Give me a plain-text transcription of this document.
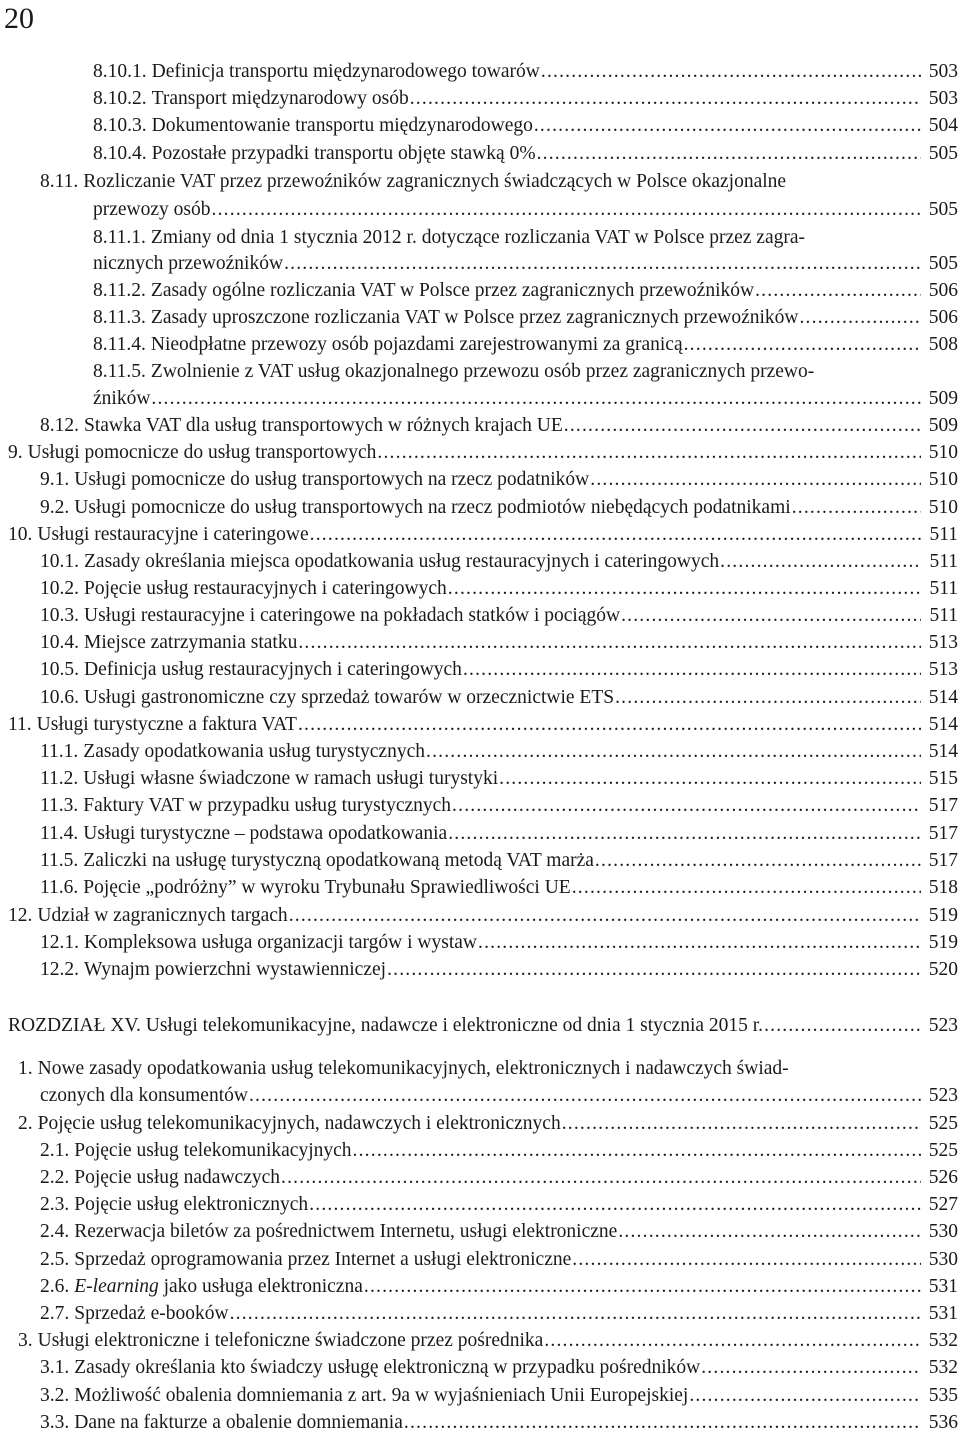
20
8.10.1. Definicja transportu międzynarodowego towarów .....	503
8.10.2. Transport międzynarodowy osób .....	503
8.10.3. Dokumentowanie transportu międzynarodowego .....	504
8.10.4. Pozostałe przypadki transportu objęte stawką 0% .....	505
8.11. Rozliczanie VAT przez przewoźników zagranicznych świadczących w Polsce okazjonalne
przewozy osób .....	505
8.11.1. Zmiany od dnia 1 stycznia 2012 r. dotyczące rozliczania VAT w Polsce przez zagra-
nicznych przewoźników .....	505
8.11.2. Zasady ogólne rozliczania VAT w Polsce przez zagranicznych przewoźników .....	506
8.11.3. Zasady uproszczone rozliczania VAT w Polsce przez zagranicznych przewoźników .....	506
8.11.4. Nieodpłatne przewozy osób pojazdami zarejestrowanymi za granicą .....	508
8.11.5. Zwolnienie z VAT usług okazjonalnego przewozu osób przez zagranicznych przewo-
źników .....	509
8.12. Stawka VAT dla usług transportowych w różnych krajach UE .....	509
9. Usługi pomocnicze do usług transportowych .....	510
9.1. Usługi pomocnicze do usług transportowych na rzecz podatników .....	510
9.2. Usługi pomocnicze do usług transportowych na rzecz podmiotów niebędących podatnikami .....	510
10. Usługi restauracyjne i cateringowe .....	511
10.1. Zasady określania miejsca opodatkowania usług restauracyjnych i cateringowych .....	511
10.2. Pojęcie usług restauracyjnych i cateringowych .....	511
10.3. Usługi restauracyjne i cateringowe na pokładach statków i pociągów .....	511
10.4. Miejsce zatrzymania statku .....	513
10.5. Definicja usług restauracyjnych i cateringowych .....	513
10.6. Usługi gastronomiczne czy sprzedaż towarów w orzecznictwie ETS .....	514
11. Usługi turystyczne a faktura VAT .....	514
11.1. Zasady opodatkowania usług turystycznych .....	514
11.2. Usługi własne świadczone w ramach usługi turystyki .....	515
11.3. Faktury VAT w przypadku usług turystycznych .....	517
11.4. Usługi turystyczne – podstawa opodatkowania .....	517
11.5. Zaliczki na usługę turystyczną opodatkowaną metodą VAT marża .....	517
11.6. Pojęcie „podróżny” w wyroku Trybunału Sprawiedliwości UE .....	518
12. Udział w zagranicznych targach .....	519
12.1. Kompleksowa usługa organizacji targów i wystaw .....	519
12.2. Wynajm powierzchni wystawienniczej .....	520
ROZDZIAŁ XV. Usługi telekomunikacyjne, nadawcze i elektroniczne od dnia 1 stycznia 2015 r. .....	523
1. Nowe zasady opodatkowania usług telekomunikacyjnych, elektronicznych i nadawczych świad-
czonych dla konsumentów .....	523
2. Pojęcie usług telekomunikacyjnych, nadawczych i elektronicznych .....	525
2.1. Pojęcie usług telekomunikacyjnych .....	525
2.2. Pojęcie usług nadawczych .....	526
2.3. Pojęcie usług elektronicznych .....	527
2.4. Rezerwacja biletów za pośrednictwem Internetu, usługi elektroniczne .....	530
2.5. Sprzedaż oprogramowania przez Internet a usługi elektroniczne .....	530
2.6. E-learning jako usługa elektroniczna .....	531
2.7. Sprzedaż e-booków .....	531
3. Usługi elektroniczne i telefoniczne świadczone przez pośrednika .....	532
3.1. Zasady określania kto świadczy usługę elektroniczną w przypadku pośredników .....	532
3.2. Możliwość obalenia domniemania z art. 9a w wyjaśnieniach Unii Europejskiej .....	535
3.3. Dane na fakturze a obalenie domniemania .....	536
